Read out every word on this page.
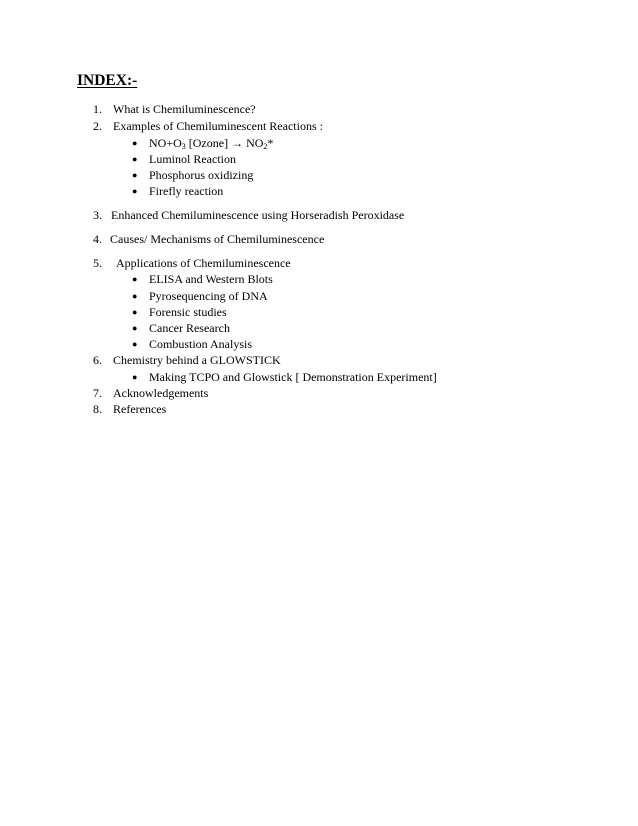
INDEX:-
1. What is Chemiluminescence?
2. Examples of Chemiluminescent Reactions :
● $NO+O_3$ [Ozone] → $NO_2*$
● Luminol Reaction
● Phosphorus oxidizing
● Firefly reaction
3. Enhanced Chemiluminescence using Horseradish Peroxidase
4. Causes/ Mechanisms of Chemiluminescence
5. Applications of Chemiluminescence
● ELISA and Western Blots
● Pyrosequencing of DNA
● Forensic studies
● Cancer Research
● Combustion Analysis
6. Chemistry behind a GLOWSTICK
● Making TCPO and Glowstick [ Demonstration Experiment]
7. Acknowledgements
8. References
